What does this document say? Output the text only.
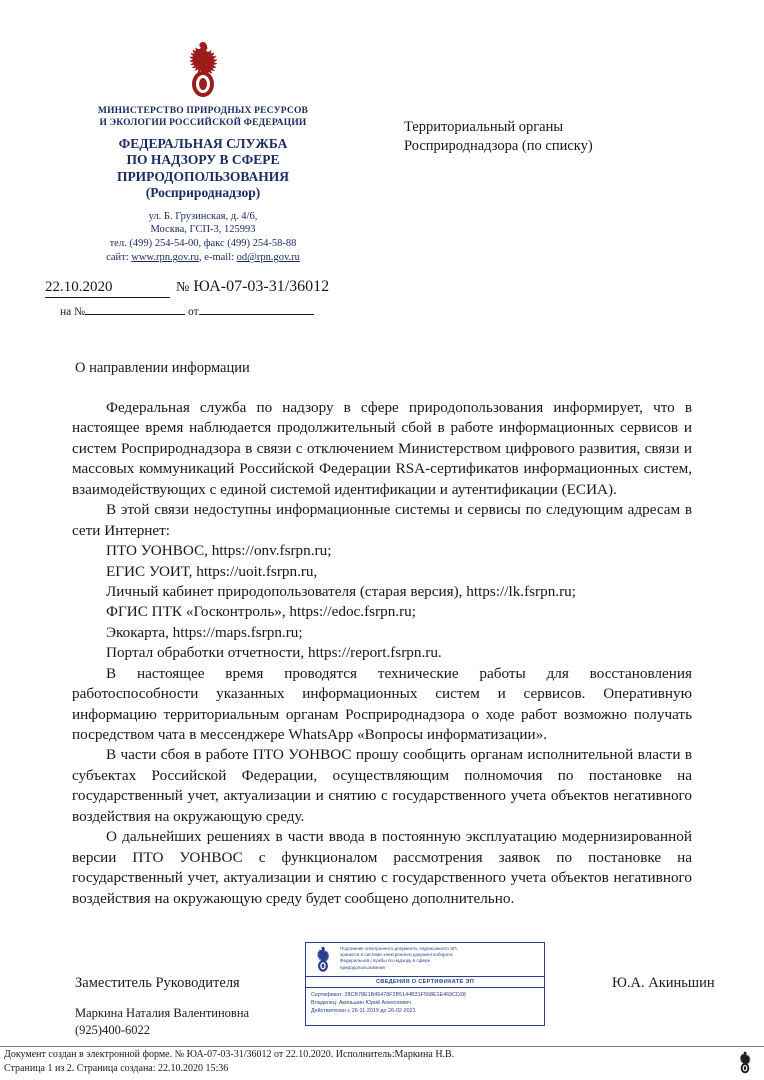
МИНИСТЕРСТВО ПРИРОДНЫХ РЕСУРСОВ
И ЭКОЛОГИИ РОССИЙСКОЙ ФЕДЕРАЦИИ
ФЕДЕРАЛЬНАЯ СЛУЖБА
ПО НАДЗОРУ В СФЕРЕ
ПРИРОДОПОЛЬЗОВАНИЯ
(Росприроднадзор)
ул. Б. Грузинская, д. 4/6,
Москва, ГСП-3, 125993
тел. (499) 254-54-00, факс (499) 254-58-88
сайт: www.rpn.gov.ru, e-mail: od@rpn.gov.ru
Территориальный органы
Росприроднадзора (по списку)
22.10.2020	№ ЮА-07-03-31/36012
на №	от
О направлении информации

Федеральная служба по надзору в сфере природопользования информирует, что в настоящее время наблюдается продолжительный сбой в работе информационных сервисов и систем Росприроднадзора в связи с отключением Министерством цифрового развития, связи и массовых коммуникаций Российской Федерации RSA-сертификатов информационных систем, взаимодействующих с единой системой идентификации и аутентификации (ЕСИА).

В этой связи недоступны информационные системы и сервисы по следующим адресам в сети Интернет:

ПТО УОНВОС, https://onv.fsrpn.ru;

ЕГИС УОИТ, https://uoit.fsrpn.ru,

Личный кабинет природопользователя (старая версия), https://lk.fsrpn.ru;

ФГИС ПТК «Госконтроль», https://edoc.fsrpn.ru;

Экокарта, https://maps.fsrpn.ru;

Портал обработки отчетности, https://report.fsrpn.ru.

В настоящее время проводятся технические работы для восстановления работоспособности указанных информационных систем и сервисов. Оперативную информацию территориальным органам Росприроднадзора о ходе работ возможно получать посредством чата в мессенджере WhatsApp «Вопросы информатизации».

В части сбоя в работе ПТО УОНВОС прошу сообщить органам исполнительной власти в субъектах Российской Федерации, осуществляющим полномочия по постановке на государственный учет, актуализации и снятию с государственного учета объектов негативного воздействия на окружающую среду.

О дальнейших решениях в части ввода в постоянную эксплуатацию модернизированной версии ПТО УОНВОС с функционалом рассмотрения заявок по постановке на государственный учет, актуализации и снятию с государственного учета объектов негативного воздействия на окружающую среду будет сообщено дополнительно.

Заместитель Руководителя	Ю.А. Акиньшин
Маркина Наталия Валентиновна
(925)400-6022
Подлинник электронного документа, подписанного ЭП,
хранится в системе электронного документооборота
Федеральной службы по надзору в сфере
природопользования
СВЕДЕНИЯ О СЕРТИФИКАТЕ ЭП
Сертификат: 28CB78E1B45478F2B5144B31F568E1E469CD28
Владелец: Акиньшин Юрий Алексеевич
Действителен с 26-11-2019 до 26-02-2021
Документ создан в электронной форме. № ЮА-07-03-31/36012 от 22.10.2020. Исполнитель:Маркина Н.В.
Страница 1 из 2. Страница создана: 22.10.2020 15:36
